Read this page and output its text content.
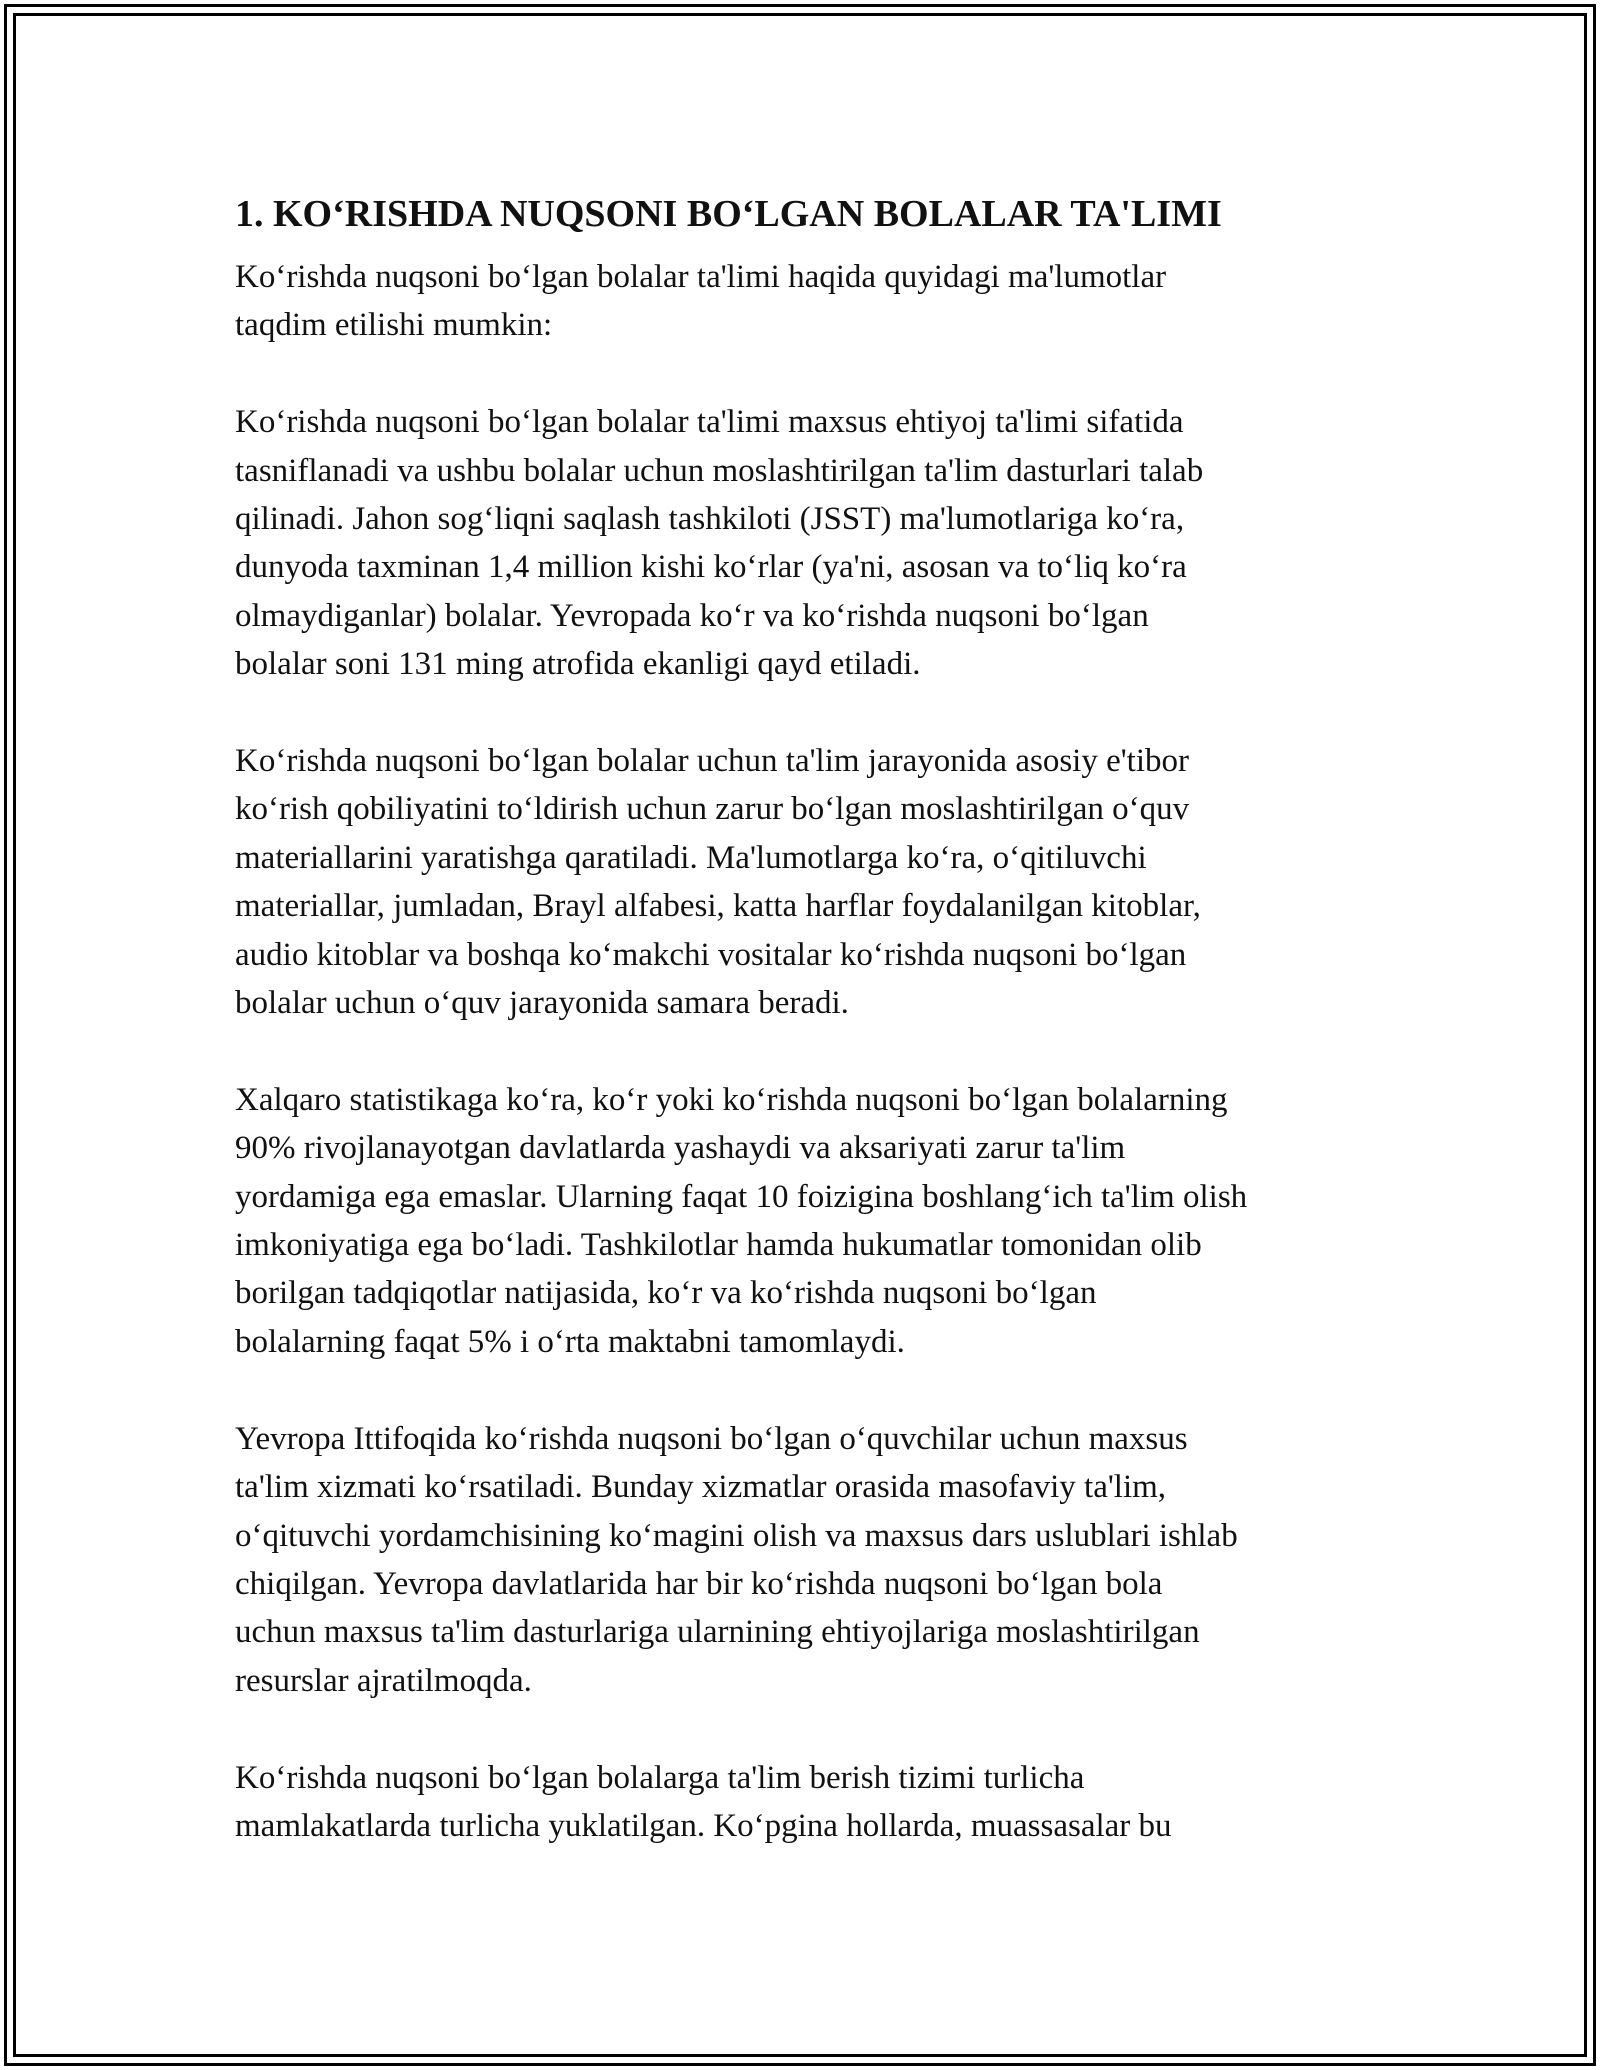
1. KO‘RISHDA NUQSONI BO‘LGAN BOLALAR TA'LIMI
Ko‘rishda nuqsoni bo‘lgan bolalar ta'limi haqida quyidagi ma'lumotlar
taqdim etilishi mumkin:
Ko‘rishda nuqsoni bo‘lgan bolalar ta'limi maxsus ehtiyoj ta'limi sifatida
tasniflanadi va ushbu bolalar uchun moslashtirilgan ta'lim dasturlari talab
qilinadi. Jahon sog‘liqni saqlash tashkiloti (JSST) ma'lumotlariga ko‘ra,
dunyoda taxminan 1,4 million kishi ko‘rlar (ya'ni, asosan va to‘liq ko‘ra
olmaydiganlar) bolalar. Yevropada ko‘r va ko‘rishda nuqsoni bo‘lgan
bolalar soni 131 ming atrofida ekanligi qayd etiladi.
Ko‘rishda nuqsoni bo‘lgan bolalar uchun ta'lim jarayonida asosiy e'tibor
ko‘rish qobiliyatini to‘ldirish uchun zarur bo‘lgan moslashtirilgan o‘quv
materiallarini yaratishga qaratiladi. Ma'lumotlarga ko‘ra, o‘qitiluvchi
materiallar, jumladan, Brayl alfabesi, katta harflar foydalanilgan kitoblar,
audio kitoblar va boshqa ko‘makchi vositalar ko‘rishda nuqsoni bo‘lgan
bolalar uchun o‘quv jarayonida samara beradi.
Xalqaro statistikaga ko‘ra, ko‘r yoki ko‘rishda nuqsoni bo‘lgan bolalarning
90% rivojlanayotgan davlatlarda yashaydi va aksariyati zarur ta'lim
yordamiga ega emaslar. Ularning faqat 10 foizigina boshlang‘ich ta'lim olish
imkoniyatiga ega bo‘ladi. Tashkilotlar hamda hukumatlar tomonidan olib
borilgan tadqiqotlar natijasida, ko‘r va ko‘rishda nuqsoni bo‘lgan
bolalarning faqat 5% i o‘rta maktabni tamomlaydi.
Yevropa Ittifoqida ko‘rishda nuqsoni bo‘lgan o‘quvchilar uchun maxsus
ta'lim xizmati ko‘rsatiladi. Bunday xizmatlar orasida masofaviy ta'lim,
o‘qituvchi yordamchisining ko‘magini olish va maxsus dars uslublari ishlab
chiqilgan. Yevropa davlatlarida har bir ko‘rishda nuqsoni bo‘lgan bola
uchun maxsus ta'lim dasturlariga ularnining ehtiyojlariga moslashtirilgan
resurslar ajratilmoqda.
Ko‘rishda nuqsoni bo‘lgan bolalarga ta'lim berish tizimi turlicha
mamlakatlarda turlicha yuklatilgan. Ko‘pgina hollarda, muassasalar bu
